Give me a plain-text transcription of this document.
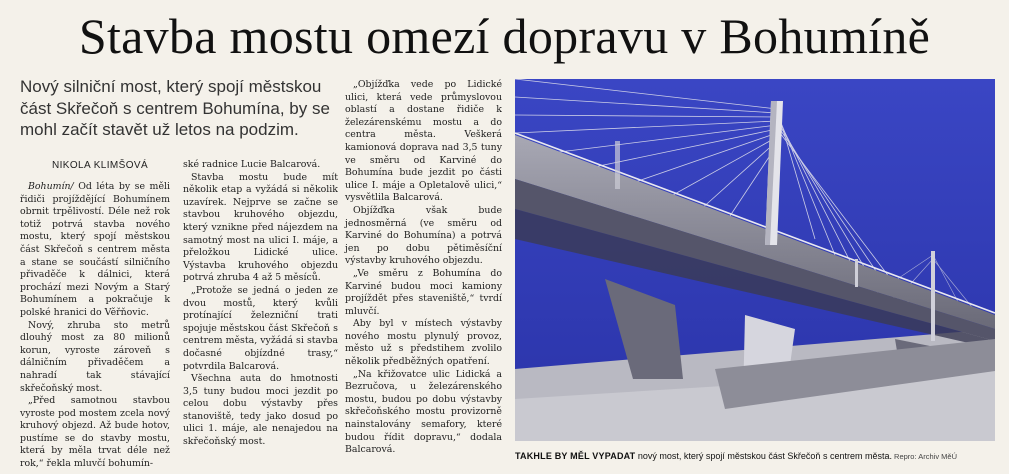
Stavba mostu omezí dopravu v Bohumíně
Nový silniční most, který spojí městskou část Skřečoň s centrem Bohumína, by se mohl začít stavět už letos na podzim.
NIKOLA KLIMŠOVÁ

Bohumín/ Od léta by se měli řidiči projíždějící Bohumínem obrnit trpělivostí. Déle než rok totiž potrvá stavba nového mostu, který spojí městskou část Skřečoň s centrem města a stane se součástí silničního přivaděče k dálnici, která prochází mezi Novým a Starý Bohumínem a pokračuje k polské hranici do Věřňovic.

Nový, zhruba sto metrů dlouhý most za 80 milionů korun, vyroste zároveň s dálničním přivaděčem a nahradí tak stávající skřečoňský most.

„Před samotnou stavbou vyroste pod mostem zcela nový kruhový objezd. Až bude hotov, pustíme se do stavby mostu, která by měla trvat déle než rok,“ řekla mluvčí bohumín-

ské radnice Lucie Balcarová.

Stavba mostu bude mít několik etap a vyžádá si několik uzavírek. Nejprve se začne se stavbou kruhového objezdu, který vznikne před nájezdem na samotný most na ulici I. máje, a přeložkou Lidické ulice. Výstavba kruhového objezdu potrvá zhruba 4 až 5 měsíců.

„Protože se jedná o jeden ze dvou mostů, který kvůli protínající železniční trati spojuje městskou část Skřečoň s centrem města, vyžádá si stavba dočasné objízdné trasy,“ potvrdila Balcarová.

Všechna auta do hmotnosti 3,5 tuny budou moci jezdit po celou dobu výstavby přes stanoviště, tedy jako dosud po ulici 1. máje, ale nenajedou na skřečoňský most.

„Objížďka vede po Lidické ulici, která vede průmyslovou oblastí a dostane řidiče k železárenskému mostu a do centra města. Veškerá kamionová doprava nad 3,5 tuny ve směru od Karviné do Bohumína bude jezdit po části ulice I. máje a Opletalově ulici,“ vysvětlila Balcarová.

Objížďka však bude jednosměrná (ve směru od Karviné do Bohumína) a potrvá jen po dobu pětiměsíční výstavby kruhového objezdu.

„Ve směru z Bohumína do Karviné budou moci kamiony projíždět přes staveniště,“ tvrdí mluvčí.

Aby byl v místech výstavby nového mostu plynulý provoz, město už s předstihem zvolilo několik předběžných opatření.

„Na křižovatce ulic Lidická a Bezručova, u železárenského mostu, budou po dobu výstavby skřečoňského mostu provizorně nainstalovány semafory, které budou řídit dopravu,“ dodala Balcarová.

TAKHLE BY MĚL VYPADAT nový most, který spojí městskou část Skřečoň s centrem města. Repro: Archiv MěÚ
